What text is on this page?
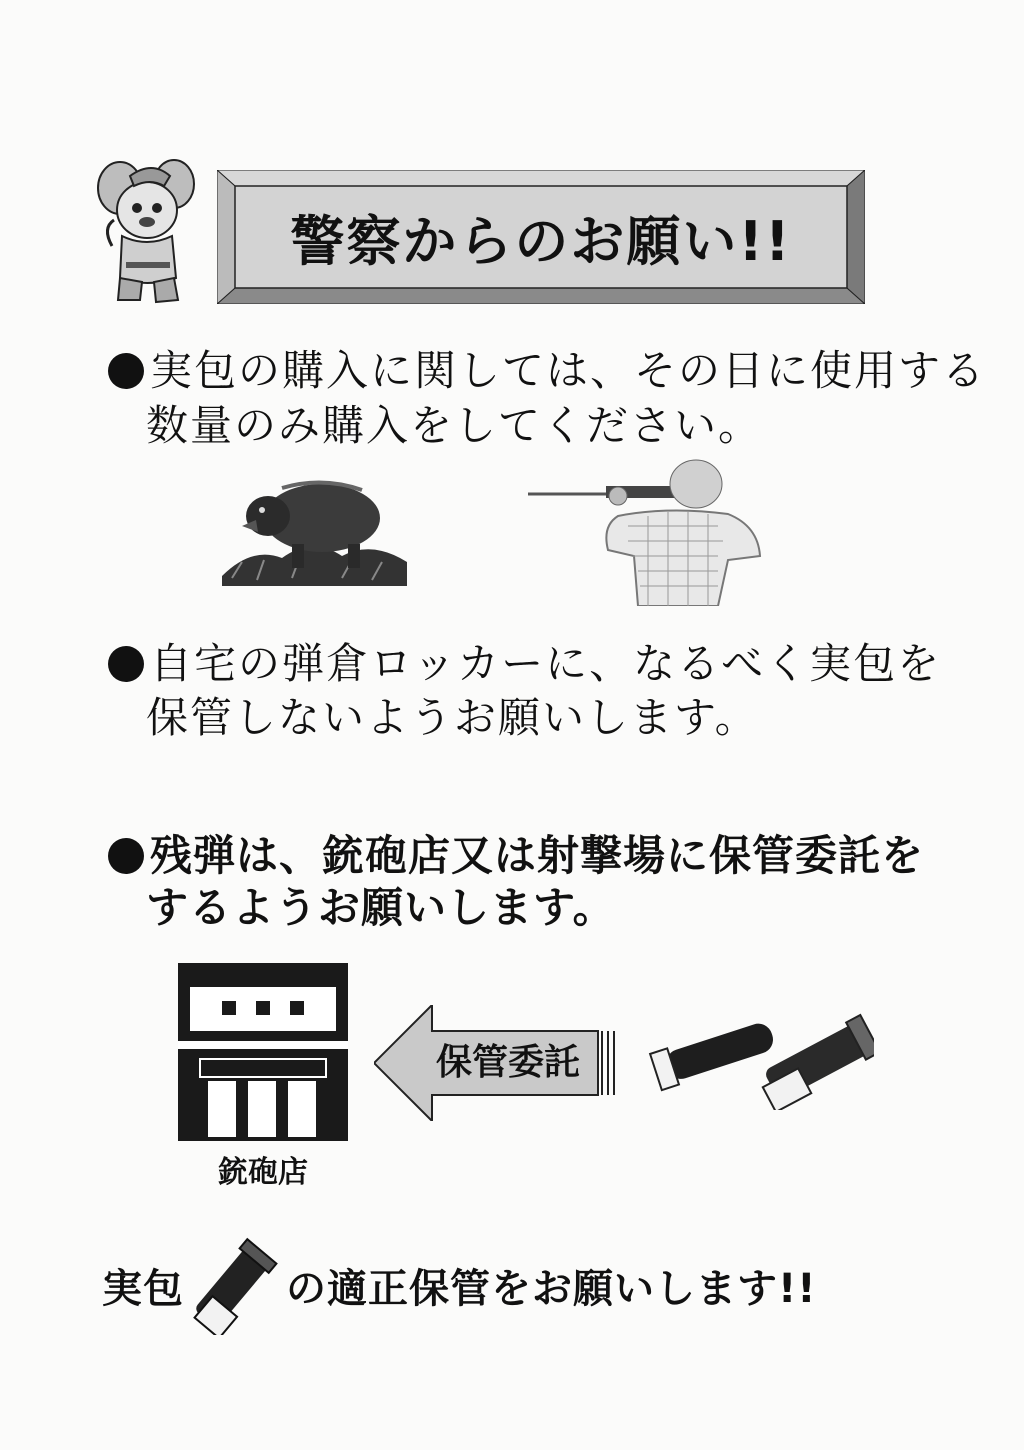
警察からのお願い!!
実包の購入に関しては、その日に使用する
数量のみ購入をしてください。
自宅の弾倉ロッカーに、なるべく実包を
保管しないようお願いします。
残弾は、銃砲店又は射撃場に保管委託を
するようお願いします。
銃砲店
保管委託
実包	の適正保管をお願いします!!
